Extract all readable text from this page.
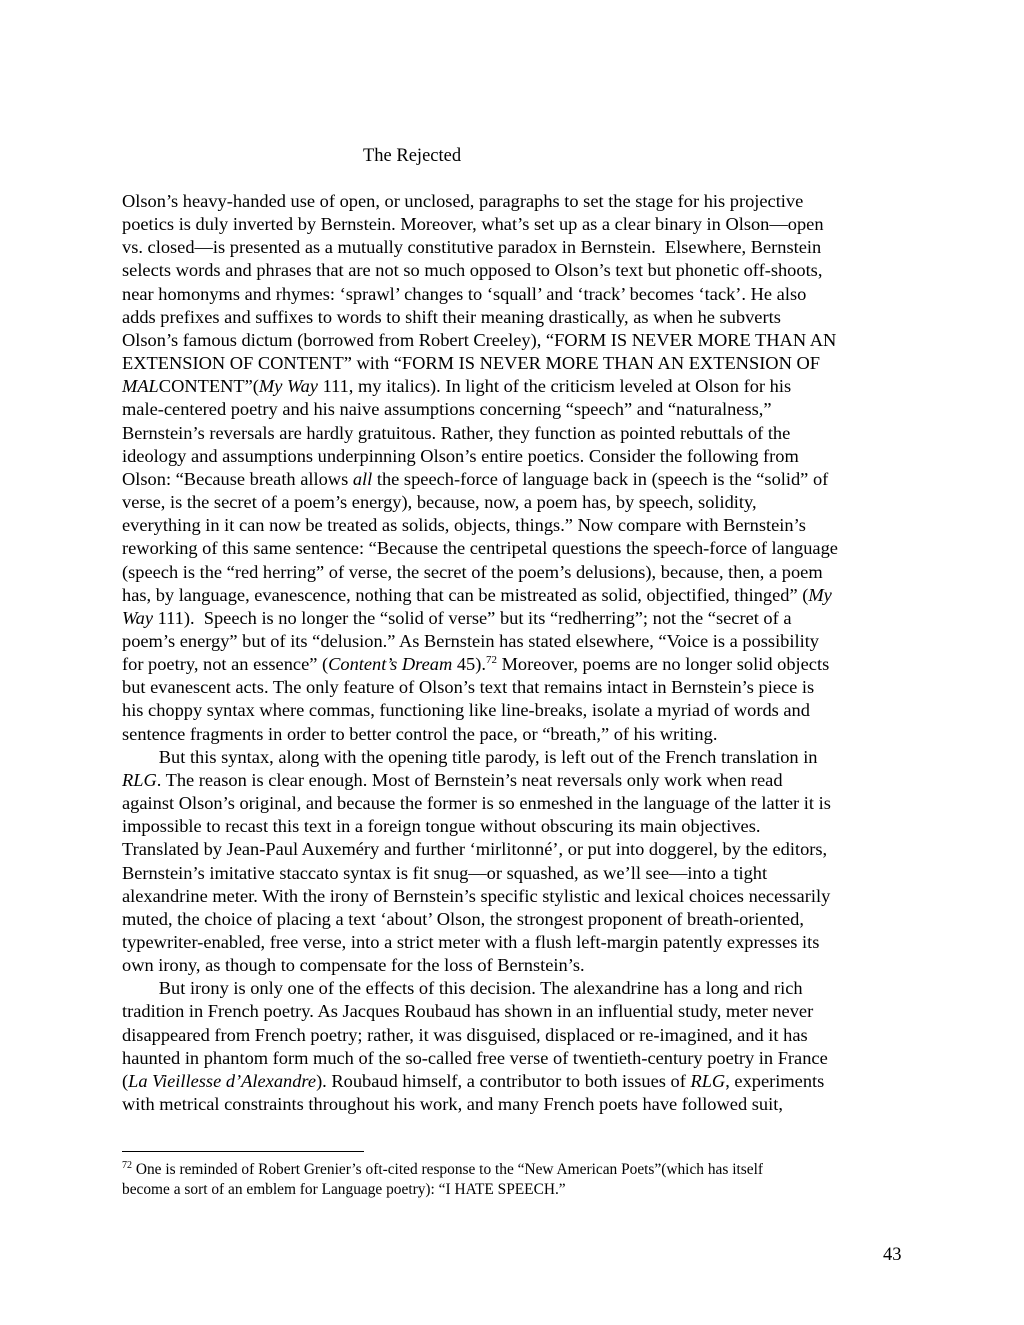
The Rejected
Olson’s heavy-handed use of open, or unclosed, paragraphs to set the stage for his projective
poetics is duly inverted by Bernstein. Moreover, what’s set up as a clear binary in Olson—open
vs. closed—is presented as a mutually constitutive paradox in Bernstein.  Elsewhere, Bernstein
selects words and phrases that are not so much opposed to Olson’s text but phonetic off-shoots,
near homonyms and rhymes: ‘sprawl’ changes to ‘squall’ and ‘track’ becomes ‘tack’. He also
adds prefixes and suffixes to words to shift their meaning drastically, as when he subverts
Olson’s famous dictum (borrowed from Robert Creeley), “FORM IS NEVER MORE THAN AN
EXTENSION OF CONTENT” with “FORM IS NEVER MORE THAN AN EXTENSION OF
MALCONTENT”(My Way 111, my italics). In light of the criticism leveled at Olson for his
male-centered poetry and his naive assumptions concerning “speech” and “naturalness,”
Bernstein’s reversals are hardly gratuitous. Rather, they function as pointed rebuttals of the
ideology and assumptions underpinning Olson’s entire poetics. Consider the following from
Olson: “Because breath allows all the speech-force of language back in (speech is the “solid” of
verse, is the secret of a poem’s energy), because, now, a poem has, by speech, solidity,
everything in it can now be treated as solids, objects, things.” Now compare with Bernstein’s
reworking of this same sentence: “Because the centripetal questions the speech-force of language
(speech is the “red herring” of verse, the secret of the poem’s delusions), because, then, a poem
has, by language, evanescence, nothing that can be mistreated as solid, objectified, thinged” (My
Way 111).  Speech is no longer the “solid of verse” but its “redherring”; not the “secret of a
poem’s energy” but of its “delusion.” As Bernstein has stated elsewhere, “Voice is a possibility
for poetry, not an essence” (Content’s Dream 45).$^{72}$ Moreover, poems are no longer solid objects
but evanescent acts. The only feature of Olson’s text that remains intact in Bernstein’s piece is
his choppy syntax where commas, functioning like line-breaks, isolate a myriad of words and
sentence fragments in order to better control the pace, or “breath,” of his writing.
But this syntax, along with the opening title parody, is left out of the French translation in
RLG. The reason is clear enough. Most of Bernstein’s neat reversals only work when read
against Olson’s original, and because the former is so enmeshed in the language of the latter it is
impossible to recast this text in a foreign tongue without obscuring its main objectives.
Translated by Jean-Paul Auxeméry and further ‘mirlitonné’, or put into doggerel, by the editors,
Bernstein’s imitative staccato syntax is fit snug—or squashed, as we’ll see—into a tight
alexandrine meter. With the irony of Bernstein’s specific stylistic and lexical choices necessarily
muted, the choice of placing a text ‘about’ Olson, the strongest proponent of breath-oriented,
typewriter-enabled, free verse, into a strict meter with a flush left-margin patently expresses its
own irony, as though to compensate for the loss of Bernstein’s.
But irony is only one of the effects of this decision. The alexandrine has a long and rich
tradition in French poetry. As Jacques Roubaud has shown in an influential study, meter never
disappeared from French poetry; rather, it was disguised, displaced or re-imagined, and it has
haunted in phantom form much of the so-called free verse of twentieth-century poetry in France
(La Vieillesse d’Alexandre). Roubaud himself, a contributor to both issues of RLG, experiments
with metrical constraints throughout his work, and many French poets have followed suit,
$^{72}$ One is reminded of Robert Grenier’s oft-cited response to the “New American Poets”(which has itself
become a sort of an emblem for Language poetry): “I HATE SPEECH.”
43
